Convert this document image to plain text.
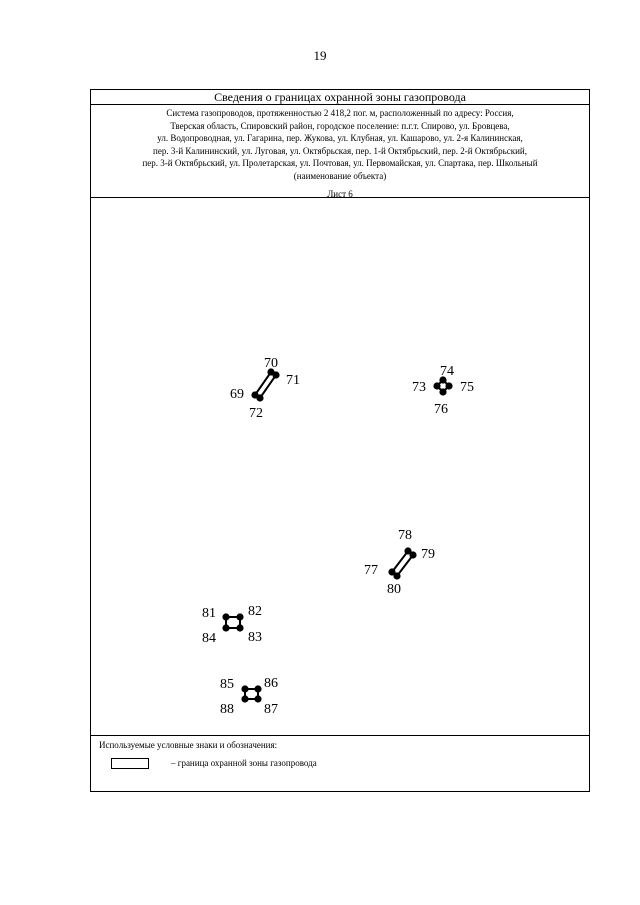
19
Сведения о границах охранной зоны газопровода
Система газопроводов, протяженностью 2 418,2 пог. м, расположенный по адресу: Россия,
Тверская область, Спировский район, городское поселение: п.г.т. Спирово, ул. Бровцева,
ул. Водопроводная, ул. Гагарина, пер. Жукова, ул. Клубная, ул. Кашарово, ул. 2-я Калининская,
пер. 3-й Калининский, ул. Луговая, ул. Октябрьская, пер. 1-й Октябрьский, пер. 2-й Октябрьский,
пер. 3-й Октябрьский, ул. Пролетарская, ул. Почтовая, ул. Первомайская, ул. Спартака, пер. Школьный
(наименование объекта)
Лист 6
69
70
71
72
73
74
75
76
77
78
79
80
81 82
83
84
85 86
87
88
Используемые условные знаки и обозначения:
– граница охранной зоны газопровода
